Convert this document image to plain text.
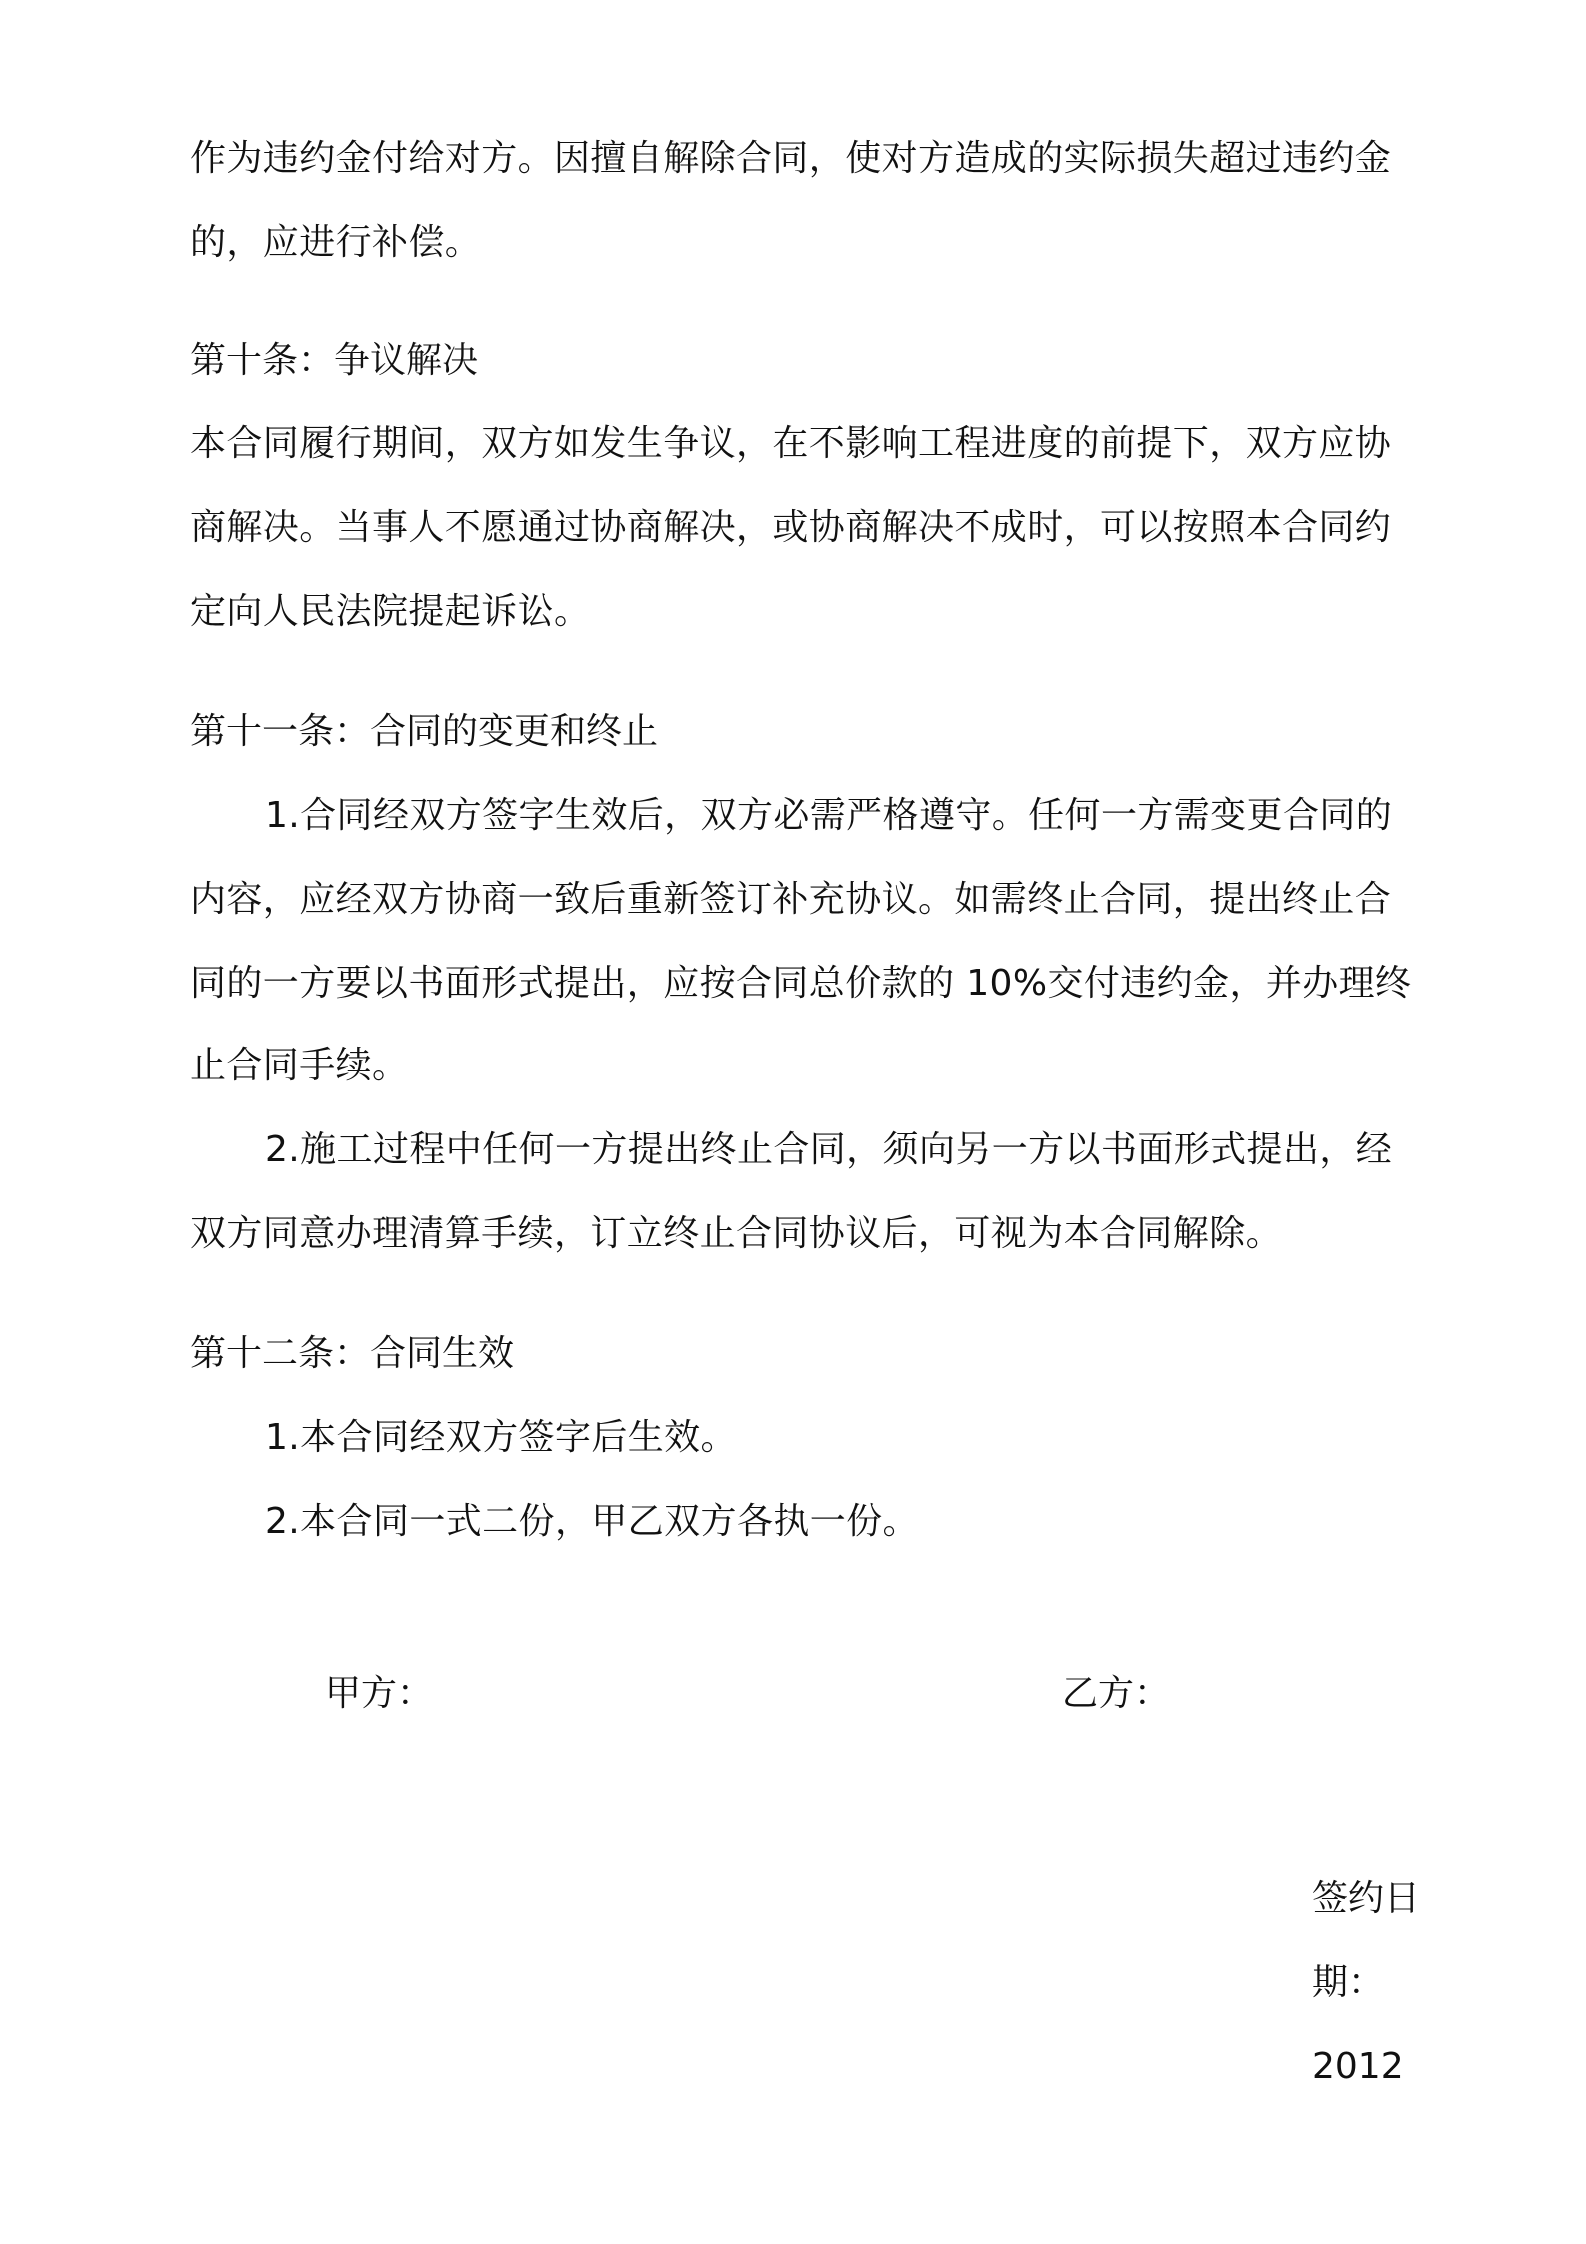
作为违约金付给对方。因擅自解除合同，使对方造成的实际损失超过违约金
的，应进行补偿。
第十条：争议解决
本合同履行期间，双方如发生争议，在不影响工程进度的前提下，双方应协
商解决。当事人不愿通过协商解决，或协商解决不成时，可以按照本合同约
定向人民法院提起诉讼。
第十一条：合同的变更和终止
1.合同经双方签字生效后，双方必需严格遵守。任何一方需变更合同的
内容，应经双方协商一致后重新签订补充协议。如需终止合同，提出终止合
同的一方要以书面形式提出，应按合同总价款的 10%交付违约金，并办理终
止合同手续。
2.施工过程中任何一方提出终止合同，须向另一方以书面形式提出，经
双方同意办理清算手续，订立终止合同协议后，可视为本合同解除。
第十二条：合同生效
1.本合同经双方签字后生效。
2.本合同一式二份，甲乙双方各执一份。
甲方：	乙方：
签约日
期：
2012
